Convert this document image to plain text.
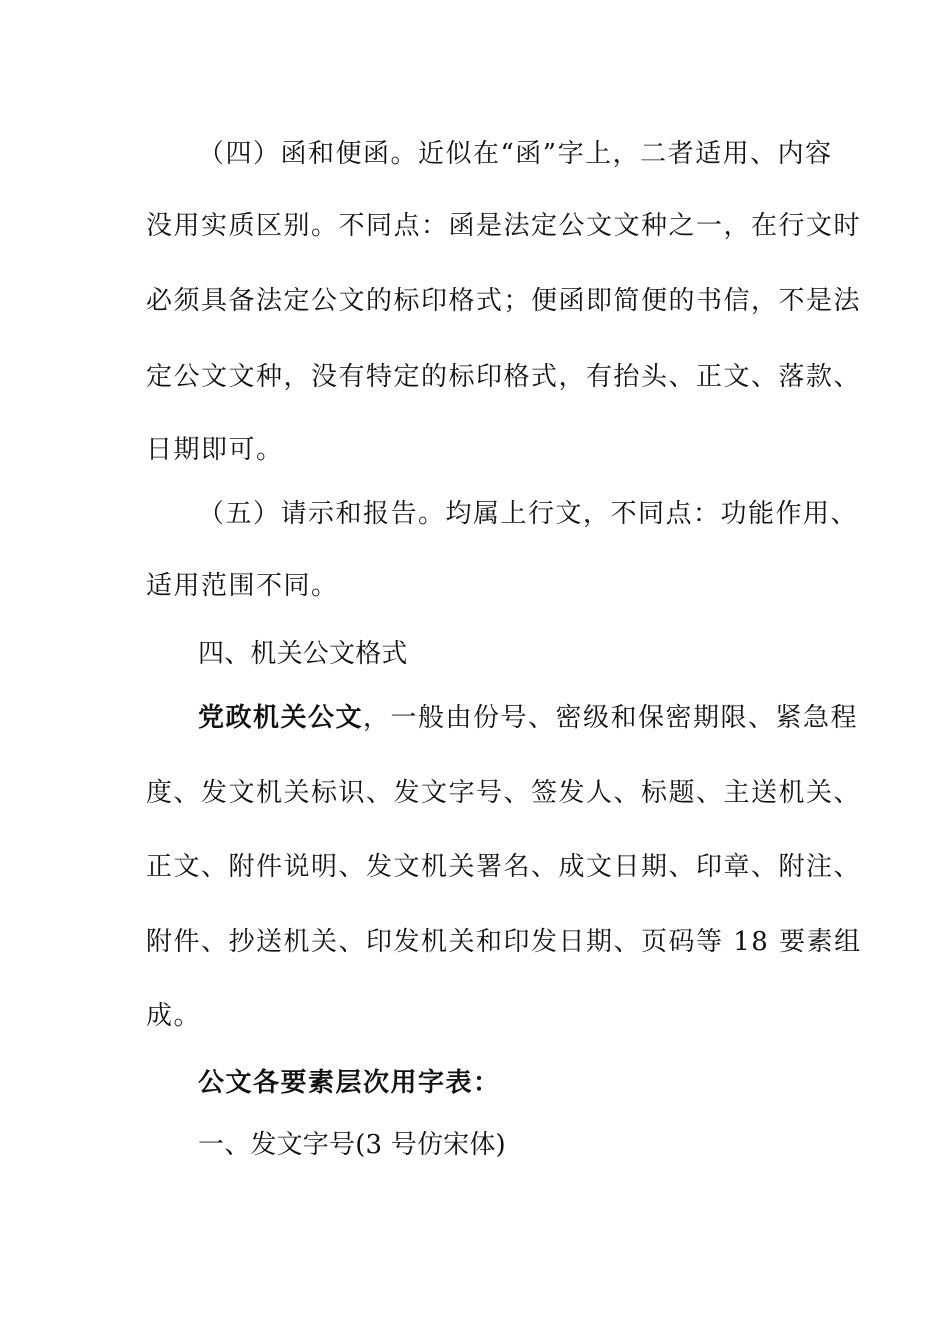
（四）函和便函。近似在“函”字上，二者适用、内容
没用实质区别。不同点：函是法定公文文种之一，在行文时
必须具备法定公文的标印格式；便函即简便的书信，不是法
定公文文种，没有特定的标印格式，有抬头、正文、落款、
日期即可。
（五）请示和报告。均属上行文，不同点：功能作用、
适用范围不同。
四、机关公文格式
党政机关公文，一般由份号、密级和保密期限、紧急程
度、发文机关标识、发文字号、签发人、标题、主送机关、
正文、附件说明、发文机关署名、成文日期、印章、附注、
附件、抄送机关、印发机关和印发日期、页码等 18 要素组
成。
公文各要素层次用字表：
一、发文字号(3 号仿宋体)
